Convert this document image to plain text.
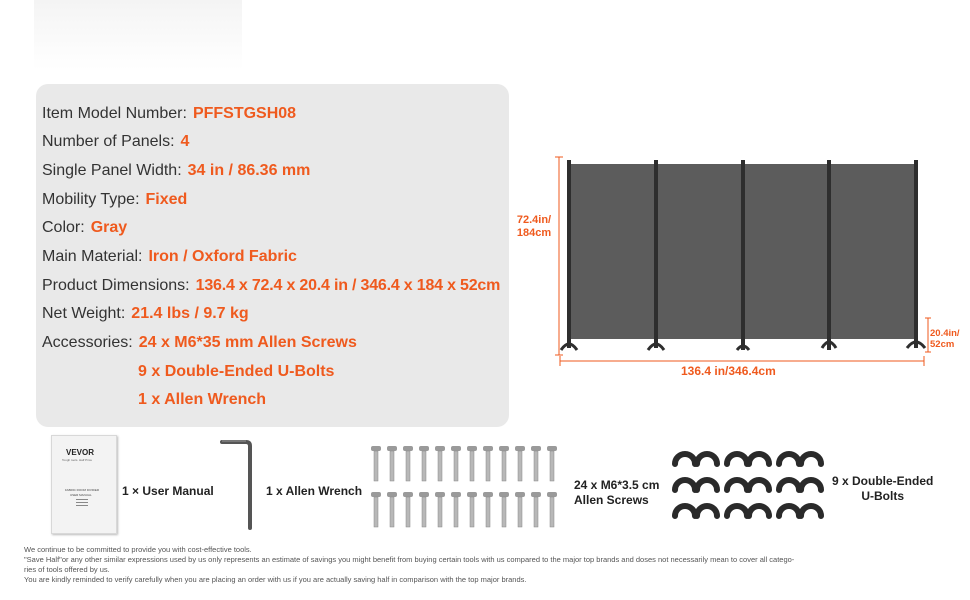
Item Model Number: PFFSTGSH08
Number of Panels: 4
Single Panel Width: 34 in / 86.36 mm
Mobility Type: Fixed
Color: Gray
Main Material: Iron / Oxford Fabric
Product Dimensions: 136.4 x 72.4 x 20.4 in / 346.4 x 184 x 52cm
Net Weight: 21.4 lbs / 9.7 kg
Accessories: 24 x M6*35 mm Allen Screws
9 x Double-Ended U-Bolts
1 x Allen Wrench
72.4in/
184cm
136.4 in/346.4cm
20.4in/
52cm
VEVOR
Tough tools. Half Price
FABRIC ROOM DIVIDER
USER MANUAL	1 × User Manual	1 x Allen Wrench	24 x M6*3.5 cm
Allen Screws
9 x Double-Ended
U-Bolts
We continue to be committed to provide you with cost-effective tools.
"Save Half"or any other similar expressions used by us only represents an estimate of savings you might benefit from buying certain tools with us compared to the major top brands and doses not necessarily mean to cover all catego-
ries of tools offered by us.
You are kindly reminded to verify carefully when you are placing an order with us if you are actually saving half in comparison with the top major brands.
